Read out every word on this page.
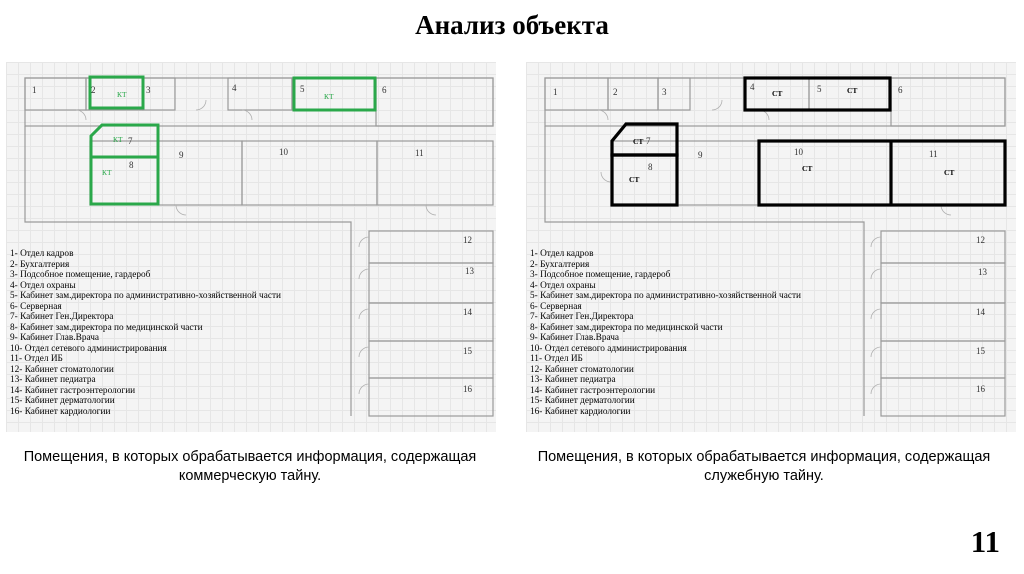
Анализ объекта
1	2	3	4	5	6
7
8
9	10	11
12
13
14
15
16
КТ	КТ
КТ
КТ
1- Отдел кадров
2- Бухгалтерия
3- Подсобное помещение, гардероб
4- Отдел охраны
5- Кабинет зам.директора по административно-хозяйственной части
6- Серверная
7- Кабинет Ген.Директора
8- Кабинет зам.директора по медицинской части
9- Кабинет Глав.Врача
10- Отдел сетевого администрирования
11- Отдел ИБ
12- Кабинет стоматологии
13- Кабинет педиатра
14- Кабинет гастроэнтерологии
15- Кабинет дерматологии
16- Кабинет кардиологии
1	2	3	4	5	6
7
8
9	10	11
12
13
14
15
16
СТ	СТ
СТ
СТ
СТ	СТ
1- Отдел кадров
2- Бухгалтерия
3- Подсобное помещение, гардероб
4- Отдел охраны
5- Кабинет зам.директора по административно-хозяйственной части
6- Серверная
7- Кабинет Ген.Директора
8- Кабинет зам.директора по медицинской части
9- Кабинет Глав.Врача
10- Отдел сетевого администрирования
11- Отдел ИБ
12- Кабинет стоматологии
13- Кабинет педиатра
14- Кабинет гастроэнтерологии
15- Кабинет дерматологии
16- Кабинет кардиологии
Помещения, в которых обрабатывается информация, содержащая коммерческую тайну.
Помещения, в которых обрабатывается информация, содержащая служебную тайну.
11
